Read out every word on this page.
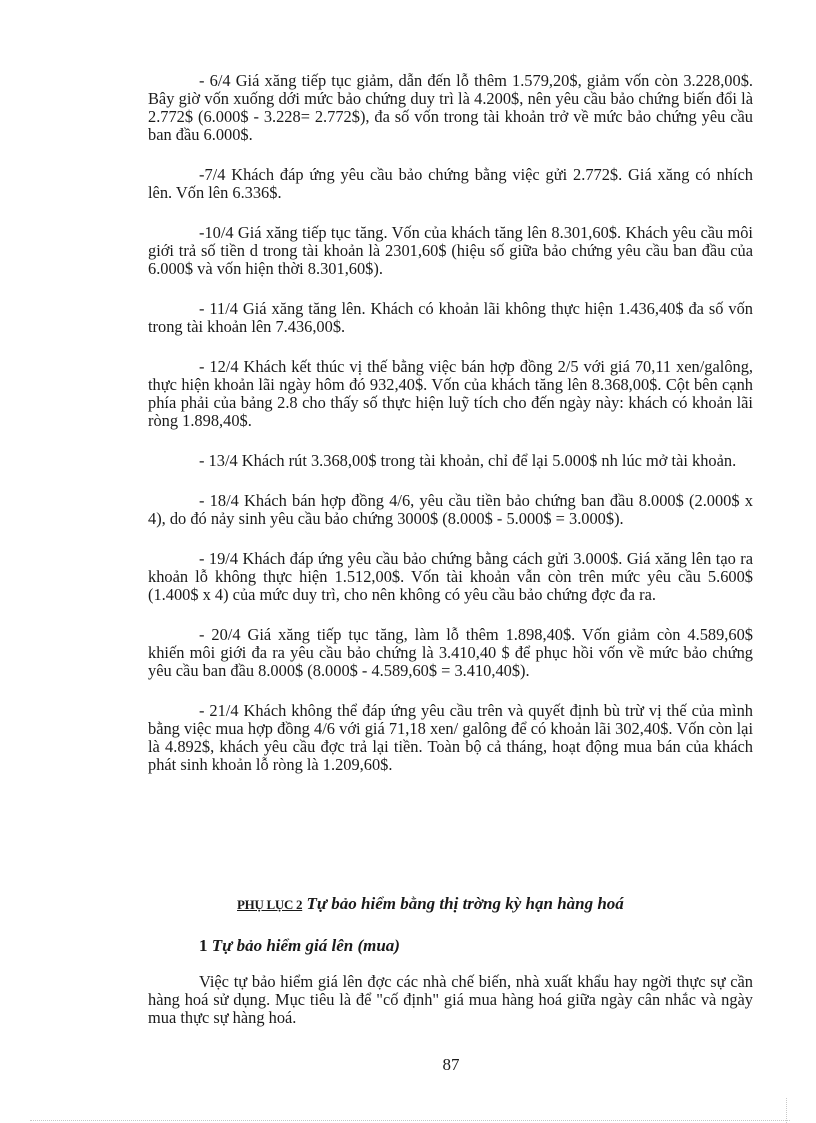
- 6/4 Giá xăng tiếp tục giảm, dẫn đến lỗ thêm 1.579,20$, giảm vốn còn 3.228,00$. Bây giờ vốn xuống dới mức bảo chứng duy trì là 4.200$, nên yêu cầu bảo chứng biến đổi là 2.772$ (6.000$ - 3.228= 2.772$), đa số vốn trong tài khoản trở về mức bảo chứng yêu cầu ban đầu 6.000$.

-7/4 Khách đáp ứng yêu cầu bảo chứng bằng việc gửi 2.772$. Giá xăng có nhích lên. Vốn lên 6.336$.

-10/4 Giá xăng tiếp tục tăng. Vốn của khách tăng lên 8.301,60$. Khách yêu cầu môi giới trả số tiền d trong tài khoản là 2301,60$ (hiệu số giữa bảo chứng yêu cầu ban đầu của 6.000$ và vốn hiện thời 8.301,60$).

- 11/4 Giá xăng tăng lên. Khách có khoản lãi không thực hiện 1.436,40$ đa số vốn trong tài khoản lên 7.436,00$.

- 12/4 Khách kết thúc vị thế bằng việc bán hợp đồng 2/5 với giá 70,11 xen/galông, thực hiện khoản lãi ngày hôm đó 932,40$. Vốn của khách tăng lên 8.368,00$. Cột bên cạnh phía phải của bảng 2.8 cho thấy số thực hiện luỹ tích cho đến ngày này: khách có khoản lãi ròng 1.898,40$.

- 13/4 Khách rút 3.368,00$ trong tài khoản, chỉ để lại 5.000$ nh lúc mở tài khoản.

- 18/4 Khách bán hợp đồng 4/6, yêu cầu tiền bảo chứng ban đầu 8.000$ (2.000$ x 4), do đó nảy sinh yêu cầu bảo chứng 3000$ (8.000$ - 5.000$ = 3.000$).

- 19/4 Khách đáp ứng yêu cầu bảo chứng bằng cách gửi 3.000$. Giá xăng lên tạo ra khoản lỗ không thực hiện 1.512,00$. Vốn tài khoản vẫn còn trên mức yêu cầu 5.600$ (1.400$ x 4) của mức duy trì, cho nên không có yêu cầu bảo chứng đợc đa ra.

- 20/4 Giá xăng tiếp tục tăng, làm lỗ thêm 1.898,40$. Vốn giảm còn 4.589,60$ khiến môi giới đa ra yêu cầu bảo chứng là 3.410,40 $ để phục hồi vốn về mức bảo chứng yêu cầu ban đầu 8.000$ (8.000$ - 4.589,60$ = 3.410,40$).

- 21/4 Khách không thể đáp ứng yêu cầu trên và quyết định bù trừ vị thế của mình bằng việc mua hợp đồng 4/6 với giá 71,18 xen/ galông để có khoản lãi 302,40$. Vốn còn lại là 4.892$, khách yêu cầu đợc trả lại tiền. Toàn bộ cả tháng, hoạt động mua bán của khách phát sinh khoản lỗ ròng là 1.209,60$.

PHỤ LỤC 2 Tự bảo hiểm bằng thị trờng kỳ hạn hàng hoá
1 Tự bảo hiểm giá lên (mua)

Việc tự bảo hiểm giá lên đợc các nhà chế biến, nhà xuất khẩu hay ngời thực sự cần hàng hoá sử dụng. Mục tiêu là để "cố định" giá mua hàng hoá giữa ngày cân nhắc và ngày mua thực sự hàng hoá.

87
